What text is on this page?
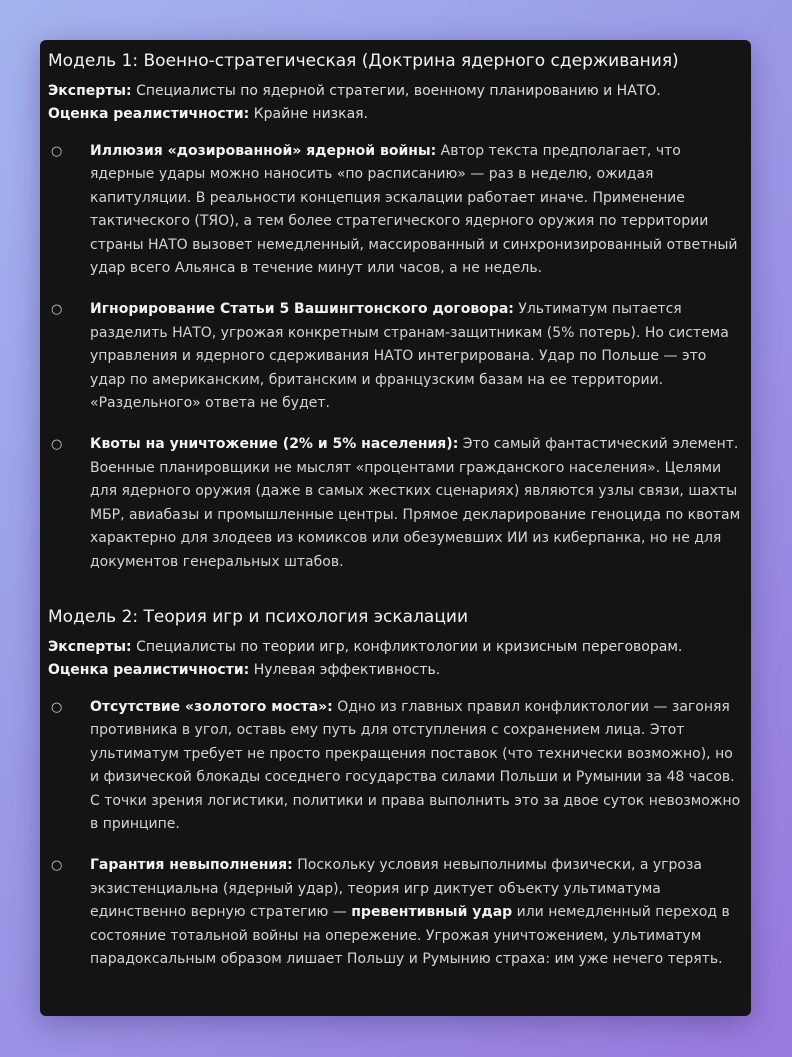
Модель 1: Военно-стратегическая (Доктрина ядерного сдерживания)
Эксперты: Специалисты по ядерной стратегии, военному планированию и НАТО.
Оценка реалистичности: Крайне низкая.
○ Иллюзия «дозированной» ядерной войны: Автор текста предполагает, что ядерные удары можно наносить «по расписанию» — раз в неделю, ожидая капитуляции. В реальности концепция эскалации работает иначе. Применение тактического (ТЯО), а тем более стратегического ядерного оружия по территории страны НАТО вызовет немедленный, массированный и синхронизированный ответный удар всего Альянса в течение минут или часов, а не недель.
○ Игнорирование Статьи 5 Вашингтонского договора: Ультиматум пытается разделить НАТО, угрожая конкретным странам-защитникам (5% потерь). Но система управления и ядерного сдерживания НАТО интегрирована. Удар по Польше — это удар по американским, британским и французским базам на ее территории. «Раздельного» ответа не будет.
○ Квоты на уничтожение (2% и 5% населения): Это самый фантастический элемент. Военные планировщики не мыслят «процентами гражданского населения». Целями для ядерного оружия (даже в самых жестких сценариях) являются узлы связи, шахты МБР, авиабазы и промышленные центры. Прямое декларирование геноцида по квотам характерно для злодеев из комиксов или обезумевших ИИ из киберпанка, но не для документов генеральных штабов.
Модель 2: Теория игр и психология эскалации
Эксперты: Специалисты по теории игр, конфликтологии и кризисным переговорам.
Оценка реалистичности: Нулевая эффективность.
○ Отсутствие «золотого моста»: Одно из главных правил конфликтологии — загоняя противника в угол, оставь ему путь для отступления с сохранением лица. Этот ультиматум требует не просто прекращения поставок (что технически возможно), но и физической блокады соседнего государства силами Польши и Румынии за 48 часов. С точки зрения логистики, политики и права выполнить это за двое суток невозможно в принципе.
○ Гарантия невыполнения: Поскольку условия невыполнимы физически, а угроза экзистенциальна (ядерный удар), теория игр диктует объекту ультиматума единственно верную стратегию — превентивный удар или немедленный переход в состояние тотальной войны на опережение. Угрожая уничтожением, ультиматум парадоксальным образом лишает Польшу и Румынию страха: им уже нечего терять.
